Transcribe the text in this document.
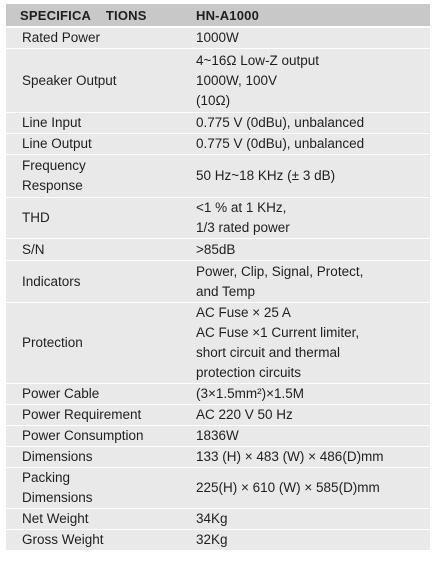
SPECIFICA    TIONS	HN-A1000

Rated Power	1000W

Speaker Output	4~16Ω Low-Z output
1000W, 100V
(10Ω)

Line Input	0.775 V (0dBu), unbalanced

Line Output	0.775 V (0dBu), unbalanced

Frequency
Response	50 Hz~18 KHz (± 3 dB)

THD	<1 % at 1 KHz,
1/3 rated power

S/N	>85dB

Indicators	Power, Clip, Signal, Protect,
and Temp

Protection	AC Fuse × 25 A
AC Fuse ×1 Current limiter,
short circuit and thermal
protection circuits

Power Cable	(3×1.5mm²)×1.5M

Power Requirement	AC 220 V 50 Hz

Power Consumption	1836W

Dimensions	133 (H) × 483 (W) × 486(D)mm

Packing
Dimensions	225(H) × 610 (W) × 585(D)mm

Net Weight	34Kg

Gross Weight	32Kg
